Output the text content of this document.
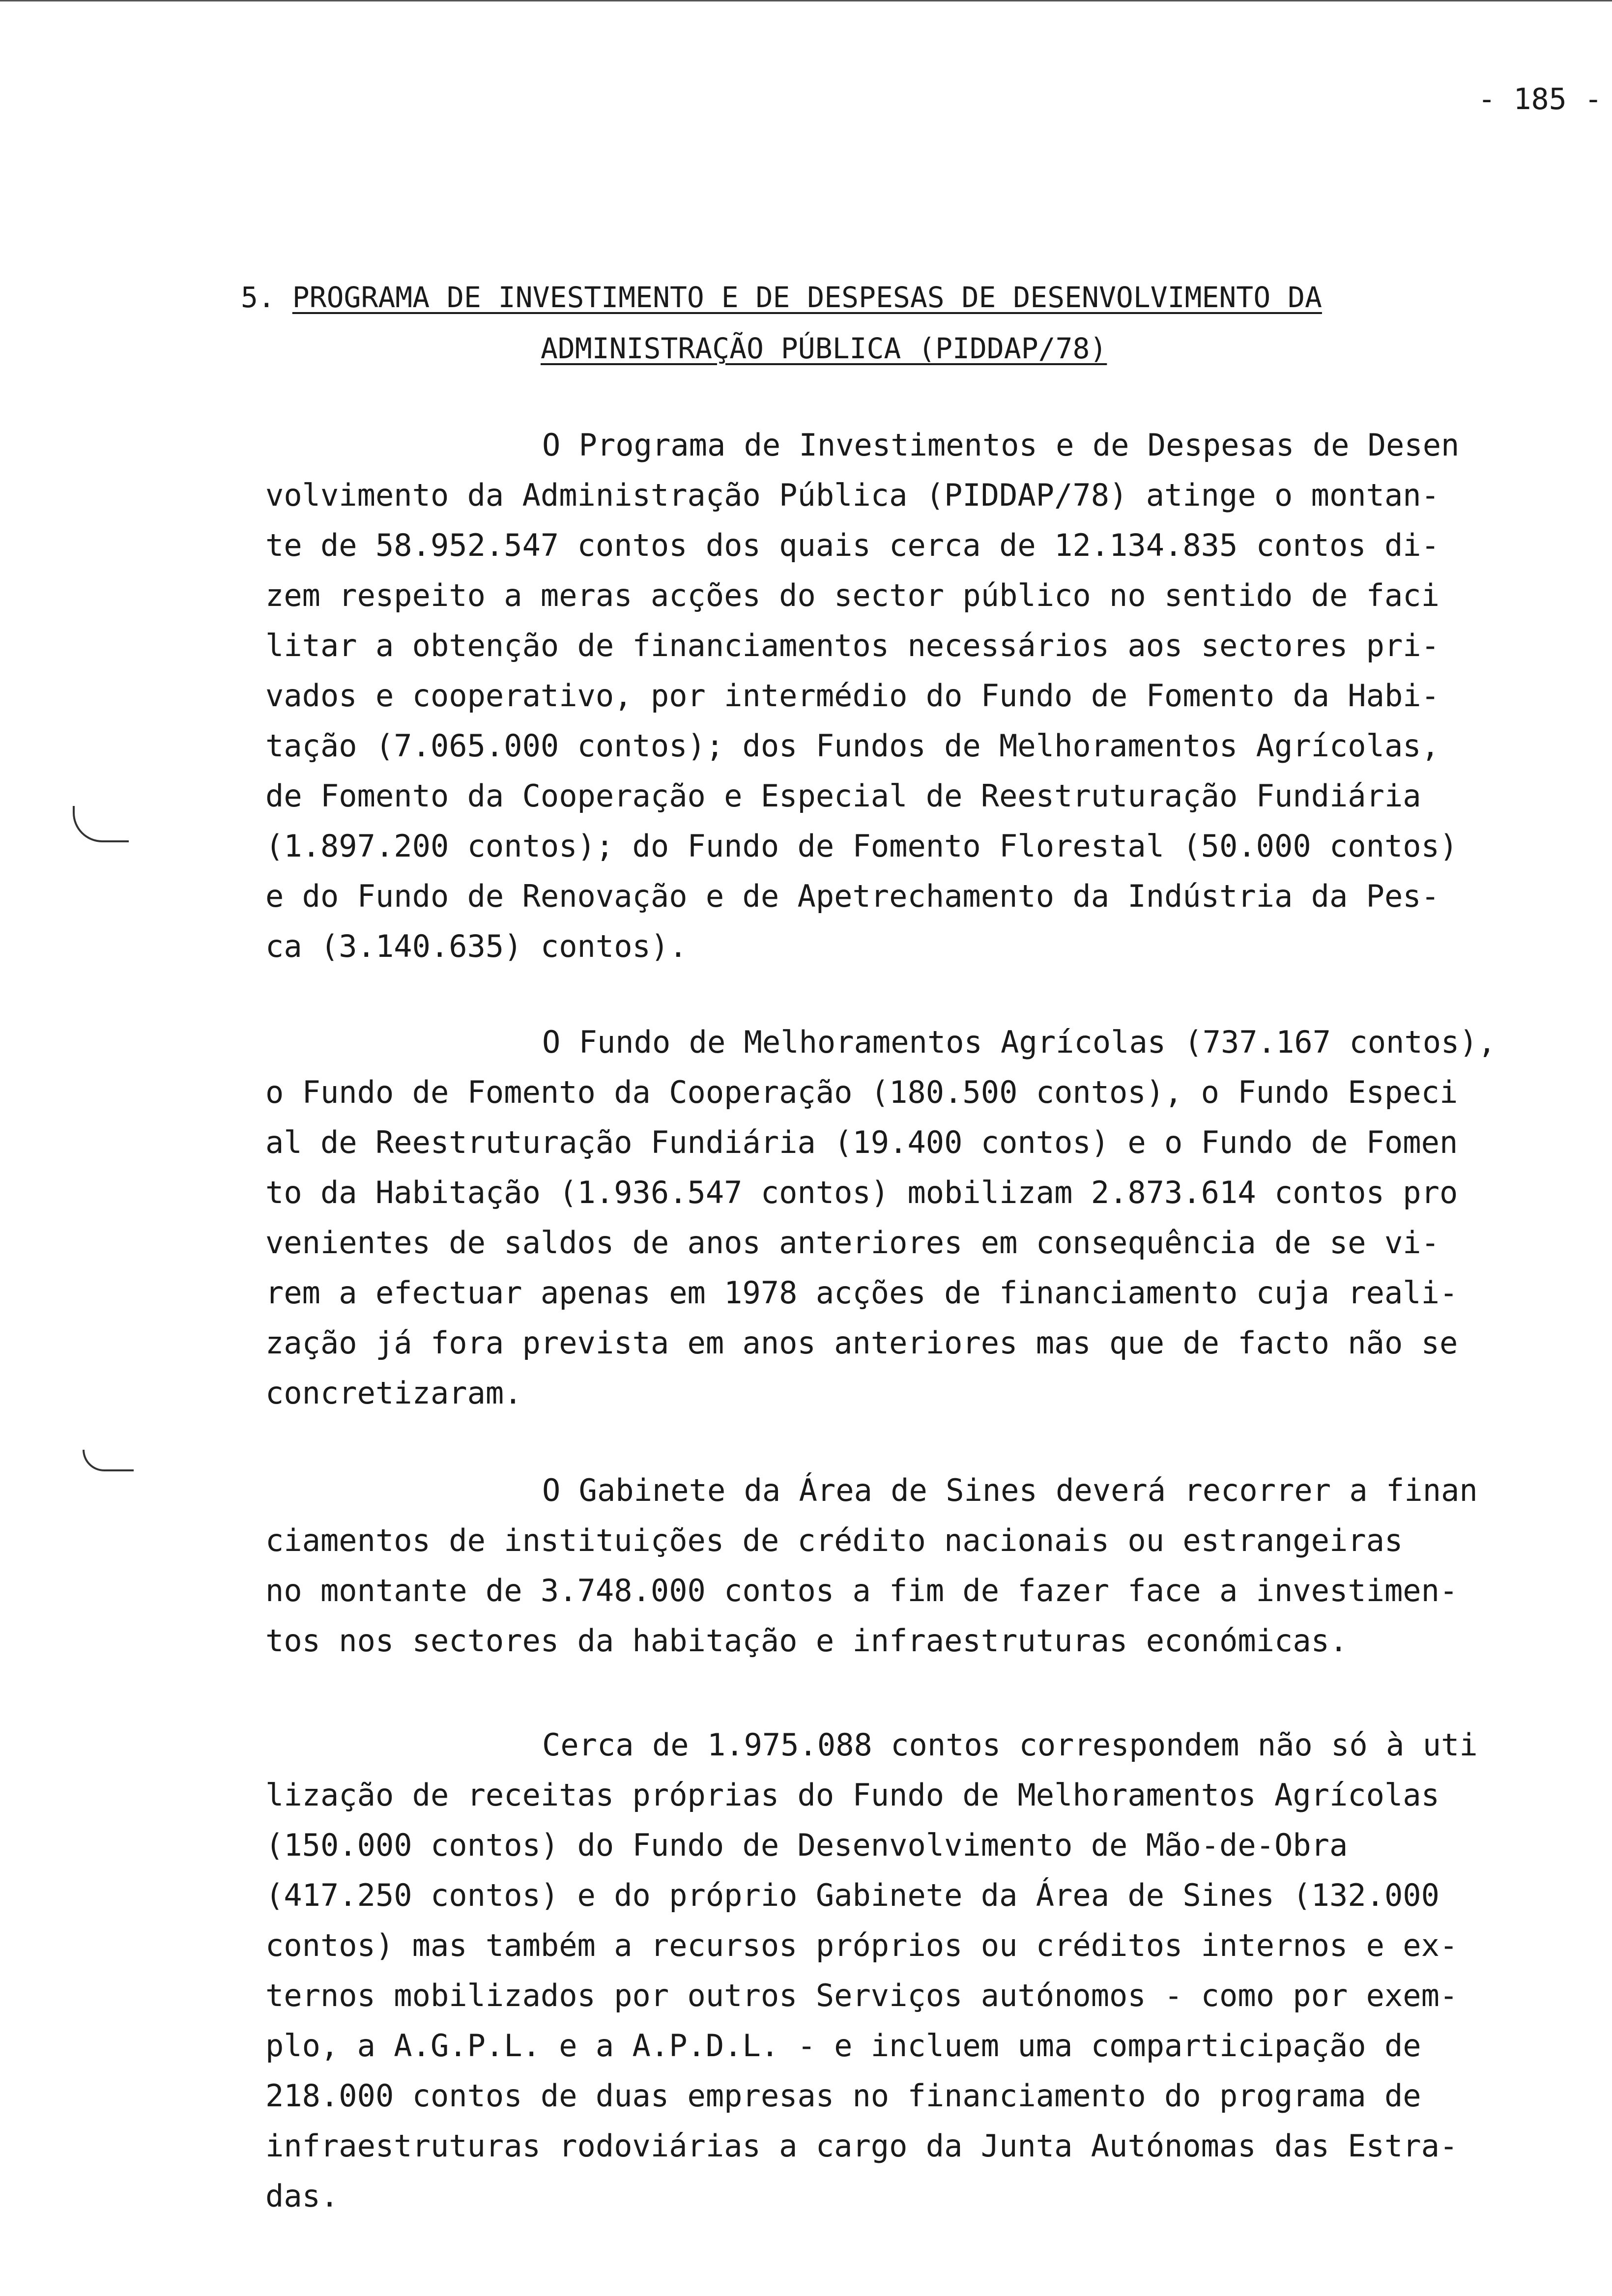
- 185 -
5. PROGRAMA DE INVESTIMENTO E DE DESPESAS DE DESENVOLVIMENTO DA
ADMINISTRAÇÃO PÚBLICA (PIDDAP/78)
O Programa de Investimentos e de Despesas de Desen
volvimento da Administração Pública (PIDDAP/78) atinge o montan-
te de 58.952.547 contos dos quais cerca de 12.134.835 contos di-
zem respeito a meras acções do sector público no sentido de faci
litar a obtenção de financiamentos necessários aos sectores pri-
vados e cooperativo, por intermédio do Fundo de Fomento da Habi-
tação (7.065.000 contos); dos Fundos de Melhoramentos Agrícolas,
de Fomento da Cooperação e Especial de Reestruturação Fundiária
(1.897.200 contos); do Fundo de Fomento Florestal (50.000 contos)
e do Fundo de Renovação e de Apetrechamento da Indústria da Pes-
ca (3.140.635) contos).
O Fundo de Melhoramentos Agrícolas (737.167 contos),
o Fundo de Fomento da Cooperação (180.500 contos), o Fundo Especi
al de Reestruturação Fundiária (19.400 contos) e o Fundo de Fomen
to da Habitação (1.936.547 contos) mobilizam 2.873.614 contos pro
venientes de saldos de anos anteriores em consequência de se vi-
rem a efectuar apenas em 1978 acções de financiamento cuja reali-
zação já fora prevista em anos anteriores mas que de facto não se
concretizaram.
O Gabinete da Área de Sines deverá recorrer a finan
ciamentos de instituições de crédito nacionais ou estrangeiras
no montante de 3.748.000 contos a fim de fazer face a investimen-
tos nos sectores da habitação e infraestruturas económicas.
Cerca de 1.975.088 contos correspondem não só à uti
lização de receitas próprias do Fundo de Melhoramentos Agrícolas
(150.000 contos) do Fundo de Desenvolvimento de Mão-de-Obra
(417.250 contos) e do próprio Gabinete da Área de Sines (132.000
contos) mas também a recursos próprios ou créditos internos e ex-
ternos mobilizados por outros Serviços autónomos - como por exem-
plo, a A.G.P.L. e a A.P.D.L. - e incluem uma comparticipação de
218.000 contos de duas empresas no financiamento do programa de
infraestruturas rodoviárias a cargo da Junta Autónomas das Estra-
das.
